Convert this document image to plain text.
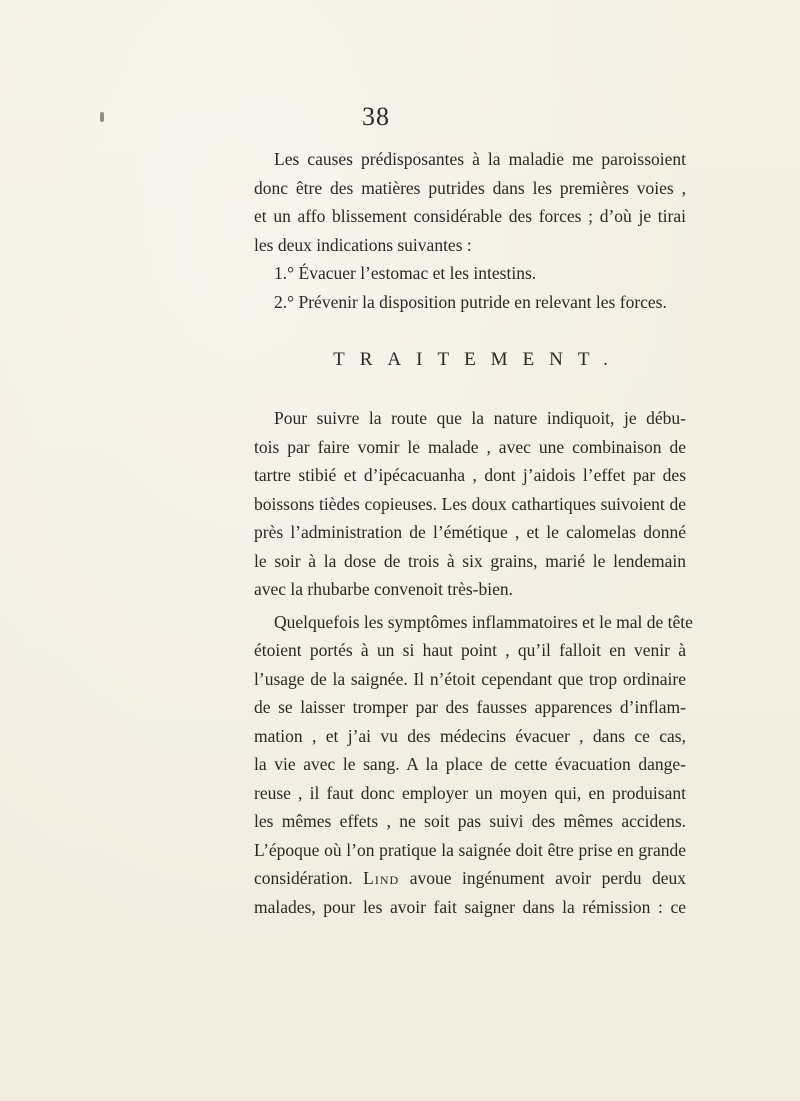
38
Les causes prédisposantes à la maladie me paroissoient
donc être des matières putrides dans les premières voies ,
et un affo blissement considérable des forces ; d’où je tirai
les deux indications suivantes :
1.° Évacuer l’estomac et les intestins.
2.° Prévenir la disposition putride en relevant les forces.
TRAITEMENT.
Pour suivre la route que la nature indiquoit, je débu-
tois par faire vomir le malade , avec une combinaison de
tartre stibié et d’ipécacuanha , dont j’aidois l’effet par des
boissons tièdes copieuses. Les doux cathartiques suivoient de
près l’administration de l’émétique , et le calomelas donné
le soir à la dose de trois à six grains, marié le lendemain
avec la rhubarbe convenoit très-bien.
Quelquefois les symptômes inflammatoires et le mal de tête
étoient portés à un si haut point , qu’il falloit en venir à
l’usage de la saignée. Il n’étoit cependant que trop ordinaire
de se laisser tromper par des fausses apparences d’inflam-
mation , et j’ai vu des médecins évacuer , dans ce cas,
la vie avec le sang. A la place de cette évacuation dange-
reuse , il faut donc employer un moyen qui, en produisant
les mêmes effets , ne soit pas suivi des mêmes accidens.
L’époque où l’on pratique la saignée doit être prise en grande
considération. Lind avoue ingénument avoir perdu deux
malades, pour les avoir fait saigner dans la rémission : ce
